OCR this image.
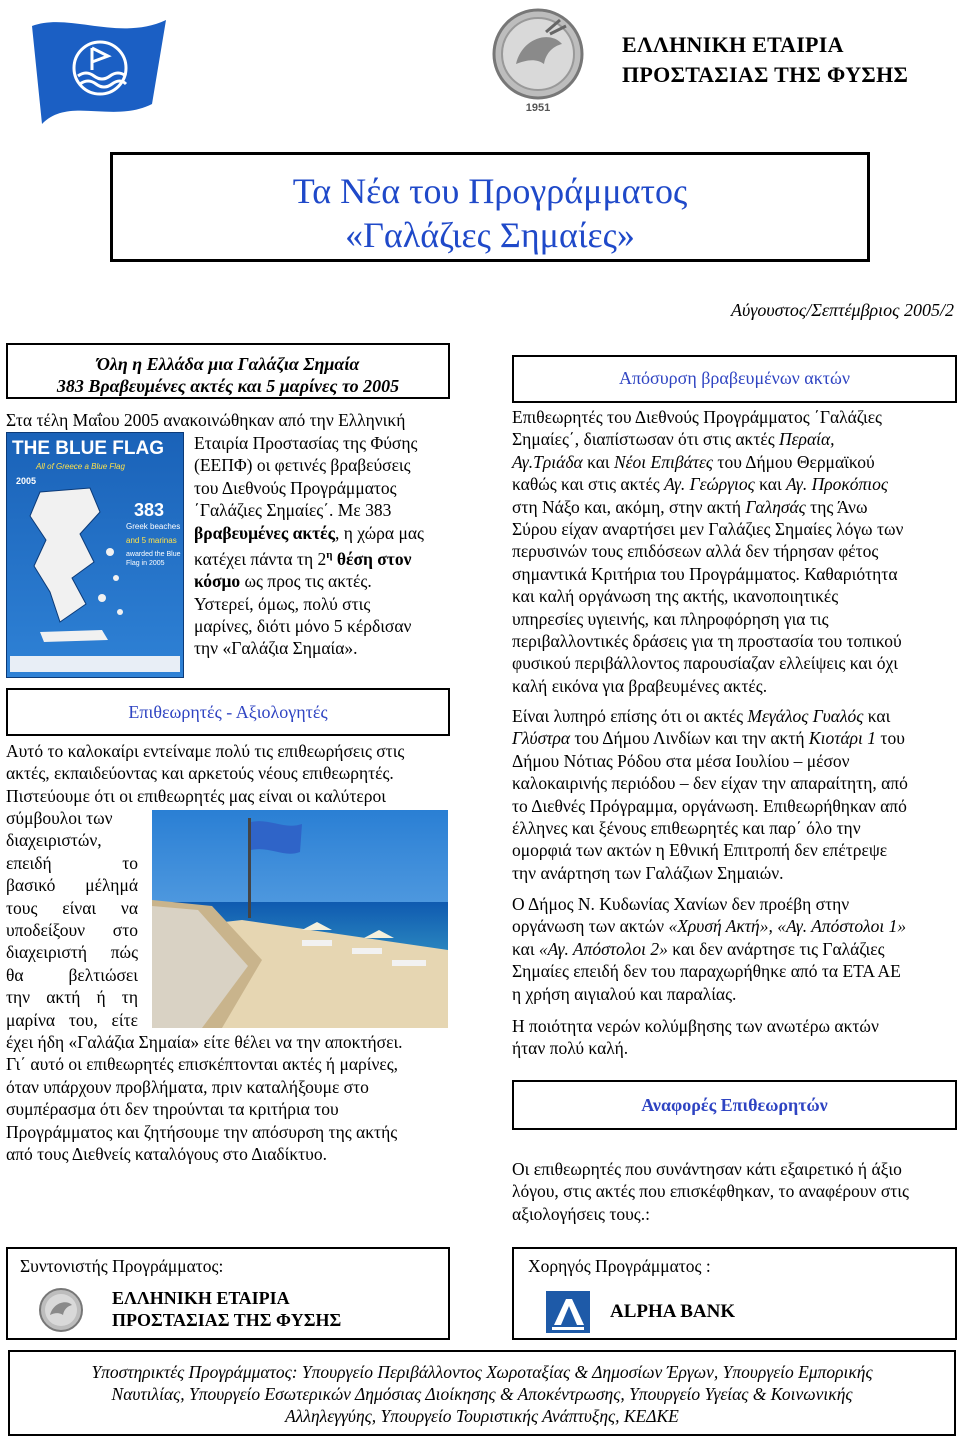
1951
ΕΛΛΗΝΙΚΗ ΕΤΑΙΡΙΑ
ΠΡΟΣΤΑΣΙΑΣ ΤΗΣ ΦΥΣΗΣ
Τα Νέα του Προγράμματος
«Γαλάζιες Σημαίες»
Αύγουστος/Σεπτέμβριος 2005/2
Όλη η Ελλάδα μια Γαλάζια Σημαία
383 Βραβευμένες ακτές και 5 μαρίνες το 2005
Στα τέλη Μαΐου 2005 ανακοινώθηκαν από την Ελληνική
THE BLUE FLAG
All of Greece a Blue Flag
2005
383
Greek beaches
and 5 marinas
awarded the Blue Flag in 2005
Εταιρία Προστασίας της Φύσης
(ΕΕΠΦ) οι φετινές βραβεύσεις
του Διεθνούς Προγράμματος
΄Γαλάζιες Σημαίες΄. Με 383
βραβευμένες ακτές, η χώρα μας
κατέχει πάντα τη $2^\eta$ θέση στον
κόσμο ως προς τις ακτές.
Υστερεί, όμως, πολύ στις
μαρίνες, διότι μόνο 5 κέρδισαν
την «Γαλάζια Σημαία».
Επιθεωρητές - Αξιολογητές
Αυτό το καλοκαίρι εντείναμε πολύ τις επιθεωρήσεις στις
ακτές, εκπαιδεύοντας και αρκετούς νέους επιθεωρητές.
Πιστεύουμε ότι οι επιθεωρητές μας είναι οι καλύτεροι
σύμβουλοι των
διαχειριστών,
επειδή το
βασικό μέλημά
τους είναι να
υποδείξουν στο
διαχειριστή πώς
θα βελτιώσει
την ακτή ή τη
μαρίνα του, είτε
έχει ήδη «Γαλάζια Σημαία» είτε θέλει να την αποκτήσει.
Γι΄ αυτό οι επιθεωρητές επισκέπτονται ακτές ή μαρίνες,
όταν υπάρχουν προβλήματα, πριν καταλήξουμε στο
συμπέρασμα ότι δεν τηρούνται τα κριτήρια του
Προγράμματος και ζητήσουμε την απόσυρση της ακτής
από τους Διεθνείς καταλόγους στο Διαδίκτυο.
Απόσυρση βραβευμένων ακτών
Επιθεωρητές του Διεθνούς Προγράμματος ΄Γαλάζιες
Σημαίες΄, διαπίστωσαν ότι στις ακτές Περαία,
Αγ.Τριάδα και Νέοι Επιβάτες του Δήμου Θερμαϊκού
καθώς και στις ακτές Αγ. Γεώργιος και Αγ. Προκόπιος
στη Νάξο και, ακόμη, στην ακτή Γαλησάς της Άνω
Σύρου είχαν αναρτήσει μεν Γαλάζιες Σημαίες λόγω των
περυσινών τους επιδόσεων αλλά δεν τήρησαν φέτος
σημαντικά Κριτήρια του Προγράμματος. Καθαριότητα
και καλή οργάνωση της ακτής, ικανοποιητικές
υπηρεσίες υγιεινής, και πληροφόρηση για τις
περιβαλλοντικές δράσεις για τη προστασία του τοπικού
φυσικού περιβάλλοντος παρουσίαζαν ελλείψεις και όχι
καλή εικόνα για βραβευμένες ακτές.
Είναι λυπηρό επίσης ότι οι ακτές Μεγάλος Γυαλός και
Γλύστρα του Δήμου Λινδίων και την ακτή Κιοτάρι 1 του
Δήμου Νότιας Ρόδου στα μέσα Ιουλίου – μέσον
καλοκαιρινής περιόδου – δεν είχαν την απαραίτητη, από
το Διεθνές Πρόγραμμα, οργάνωση. Επιθεωρήθηκαν από
έλληνες και ξένους επιθεωρητές και παρ΄ όλο την
ομορφιά των ακτών η Εθνική Επιτροπή δεν επέτρεψε
την ανάρτηση των Γαλάζιων Σημαιών.
Ο Δήμος Ν. Κυδωνίας Χανίων δεν προέβη στην
οργάνωση των ακτών «Χρυσή Ακτή», «Αγ. Απόστολοι 1»
και «Αγ. Απόστολοι 2» και δεν ανάρτησε τις Γαλάζιες
Σημαίες επειδή δεν του παραχωρήθηκε από τα ΕΤΑ ΑΕ
η χρήση αιγιαλού και παραλίας.
Η ποιότητα νερών κολύμβησης των ανωτέρω ακτών
ήταν πολύ καλή.
Αναφορές Επιθεωρητών
Οι επιθεωρητές που συνάντησαν κάτι εξαιρετικό ή άξιο
λόγου, στις ακτές που επισκέφθηκαν, το αναφέρουν στις
αξιολογήσεις τους.:
Συντονιστής Προγράμματος:
ΕΛΛΗΝΙΚΗ ΕΤΑΙΡΙΑ
ΠΡΟΣΤΑΣΙΑΣ ΤΗΣ ΦΥΣΗΣ
Χορηγός Προγράμματος :
ALPHA BANK
Υποστηρικτές Προγράμματος: Υπουργείο Περιβάλλοντος Χωροταξίας & Δημοσίων Έργων, Υπουργείο Εμπορικής
Ναυτιλίας, Υπουργείο Εσωτερικών Δημόσιας Διοίκησης & Αποκέντρωσης, Υπουργείο Υγείας & Κοινωνικής
Αλληλεγγύης, Υπουργείο Τουριστικής Ανάπτυξης, ΚΕΔΚΕ
